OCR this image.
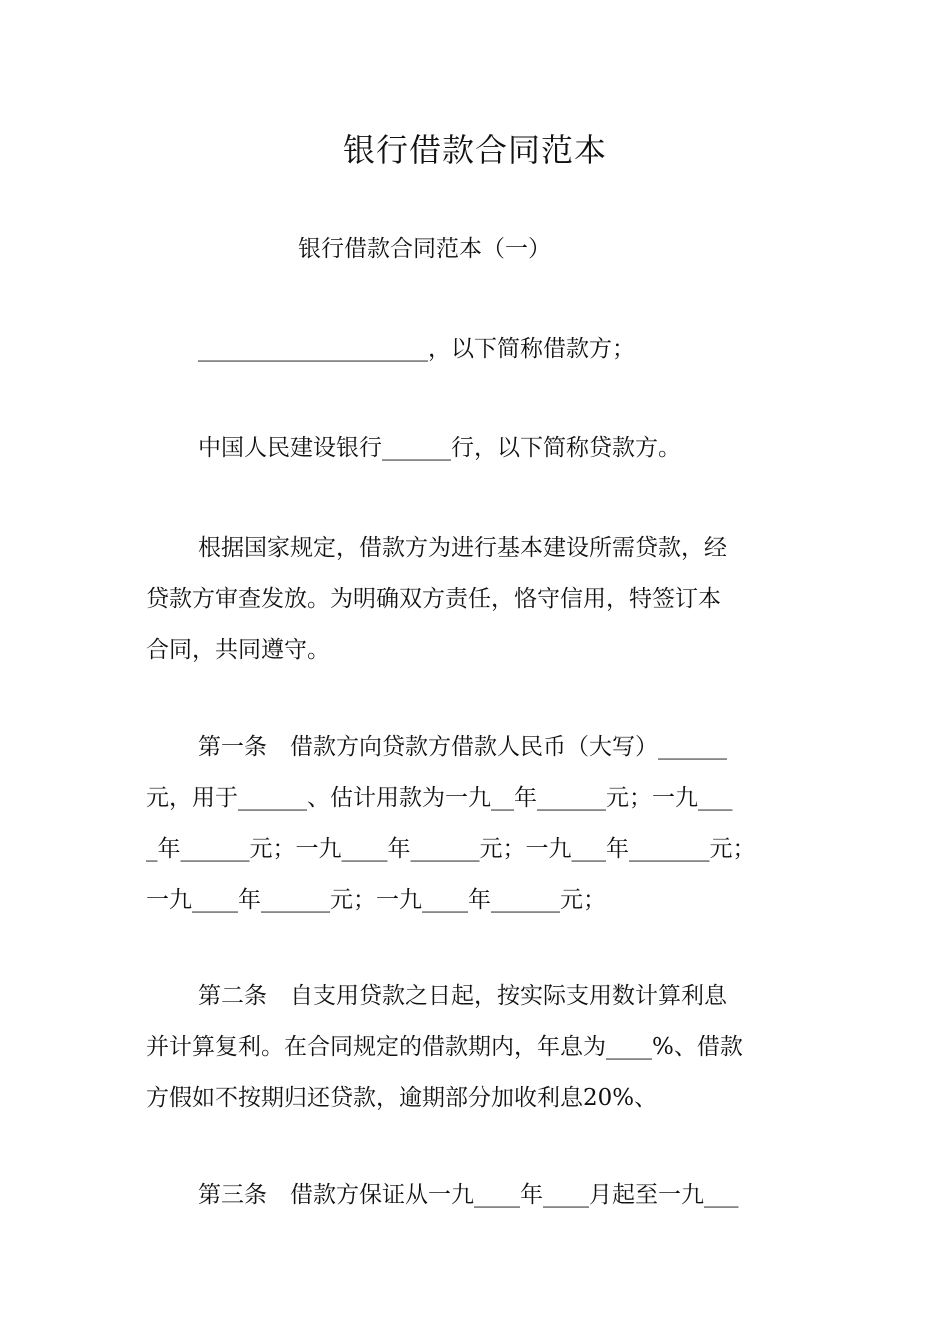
银行借款合同范本
银行借款合同范本（一）
____________________，以下简称借款方；
中国人民建设银行______行，以下简称贷款方。
根据国家规定，借款方为进行基本建设所需贷款，经
贷款方审查发放。为明确双方责任，恪守信用，特签订本
合同，共同遵守。
第一条　借款方向贷款方借款人民币（大写）______
元，用于______、估计用款为一九__年______元；一九___
_年______元；一九____年______元；一九___年_______元；
一九____年______元；一九____年______元；
第二条　自支用贷款之日起，按实际支用数计算利息
并计算复利。在合同规定的借款期内，年息为____%、借款
方假如不按期归还贷款，逾期部分加收利息20%、
第三条　借款方保证从一九____年____月起至一九___
